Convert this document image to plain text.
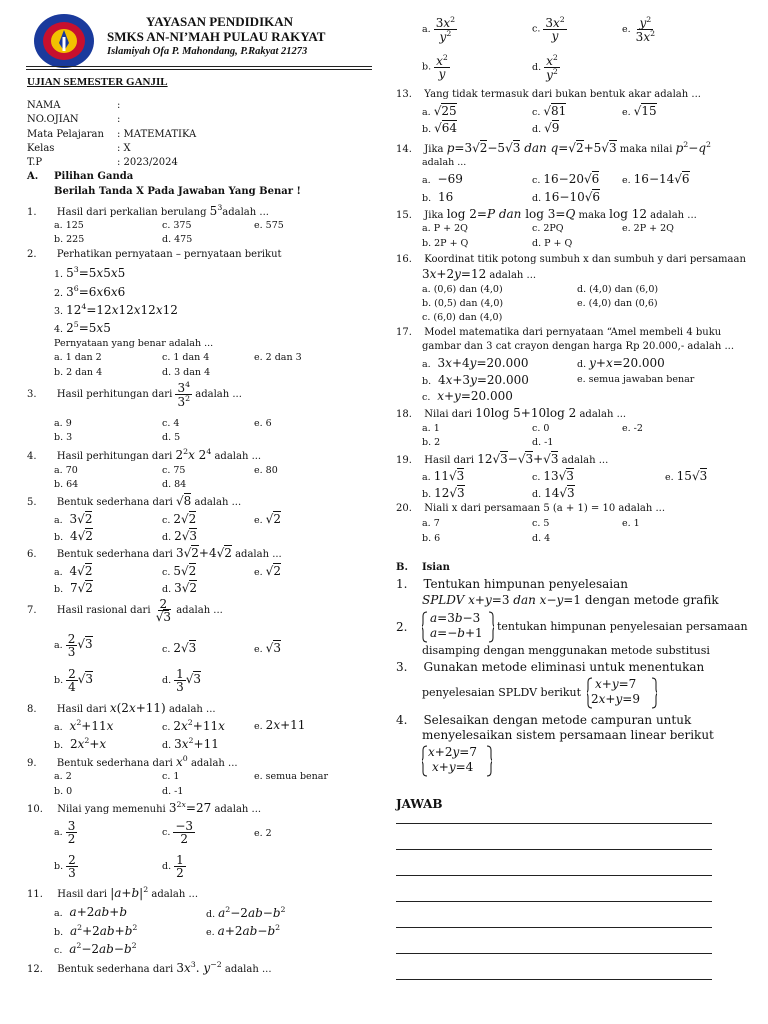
YAYASAN PENDIDIKAN
SMKS AN-NI’MAH PULAU RAKYAT
Islamiyah Ofa P. Mahondang, P.Rakyat 21273
UJIAN SEMESTER GANJIL
NAMA	:
NO.OJIAN	:
Mata Pelajaran : MATEMATIKA
Kelas	: X
T.P	: 2023/2024
A. Pilihan Ganda
Berilah Tanda X Pada Jawaban Yang Benar !
1. Hasil dari perkalian berulang $5^3adalah$ ...
a. 125
b. 225
c. 375
d. 475
e. 575
2. Perhatikan pernyataan – pernyataan berikut
1. $5^3=5x5x5$
2. $3^6=6x6x6$
3. $12^4=12x12x12x12$
4. $2^5=5x5$
Pernyataan yang benar adalah ...
a. 1 dan 2
b. 2 dan 4
c. 1 dan 4
d. 3 dan 4
e. 2 dan 3
3. Hasil perhitungan dari $\frac{3^4}{3^2}$ adalah ...
a. 9
b. 3
c. 4
d. 5
e. 6
4. Hasil perhitungan dari $2^2x$ $2^4$ adalah ...
a. 70
b. 64
c. 75
d. 84
e. 80
5. Bentuk sederhana dari √8 adalah ...
a.  3√2
b.  4√2
c. 2√2
d. 2√3
e. √2
6. Bentuk sederhana dari 3√2+4√2 adalah ...
a.  4√2
b.  7√2
c. 5√2
d. 3√2
e. √2
7. Hasil rasional dari $\frac{2}{√3}$ adalah ...
a. $\frac{2}{3} √3$
b. $\frac{2}{4} √3$
c. 2√3
d. $\frac{1}{3} √3$
e. √3
8. Hasil dari x(2x+11) adalah ...
a.  $x^2+11x$
b.  $2x^2+x$
c. $2x^2+11x$
d. $3x^2+11$
e. 2x+11
9. Bentuk sederhana dari $x^0$ adalah ...
a. 2
b. 0
c. 1
d. -1
e. semua benar
10. Nilai yang memenuhi $3^{2x}=27$ adalah ...
a. $\frac{3}{2}$
b. $\frac{2}{3}$
c. $\frac{-3}{2}$
d. $\frac{1}{2}$
e. 2
11. Hasil dari $|a+b|^2$ adalah ...
a.  a+2ab+b
b.  $a^2+2ab+b^2$
c.  $a^2-2ab-b^2$
d. $a^2-2ab-b^2$
e. $a+2ab-b^2$
12. Bentuk sederhana dari $3x^3$. $y^{-2}$ adalah ...
a. $\frac{3x^2}{y^2}$
b. $\frac{x^2}{y}$
c. $\frac{3x^2}{y}$
d. $\frac{x^2}{y^2}$
e. $\frac{y^2}{3x^2}$
13. Yang tidak termasuk dari bukan bentuk akar adalah ...
a. √25
b. √64
c. √81
d. √9
e. √15
14. Jika p=3√2−5√3 dan q=√2+5√3 maka nilai $p^2-q^2$
adalah ...
a.  −69
b.  16
c. 16−20√6
d. 16−10√6
e. 16−14√6
15. Jika log 2=P dan log 3=Q maka log 12 adalah ...
a. P + 2Q
b. 2P + Q
c. 2PQ
d. P + Q
e. 2P + 2Q
16. Koordinat titik potong sumbuh x dan sumbuh y dari persamaan
3x+2y=12 adalah ...
a. (0,6) dan (4,0)
b. (0,5) dan (4,0)
c. (6,0) dan (4,0)
d. (4,0) dan (6,0)
e. (4,0) dan (0,6)
17. Model matematika dari pernyataan “Amel membeli 4 buku
gambar dan 3 cat crayon dengan harga Rp 20.000,- adalah ...
a.  3x+4y=20.000
b.  4x+3y=20.000
c.  x+y=20.000
d. y+x=20.000
e. semua jawaban benar
18. Nilai dari 10log 5+10log 2 adalah ...
a. 1
b. 2
c. 0
d. -1
e. -2
19. Hasil dari 12√3−√3+√3 adalah ...
a. 11√3
b. 12√3
c. 13√3
d. 14√3
e. 15√3
20. Niali x dari persamaan 5 (a + 1) = 10 adalah ...
a. 7
b. 6
c. 5
d. 4
e. 1
B. Isian
1. Tentukan himpunan penyelesaian
SPLDV x+y=3 dan x−y=1 dengan metode grafik
2.
a=3b−3
a=−b+1 tentukan himpunan penyelesaian persamaan
disamping dengan menggunakan metode substitusi
3. Gunakan metode eliminasi untuk menentukan
penyelesaian SPLDV berikut
x+y=7
2x+y=9
4. Selesaikan dengan metode campuran untuk
menyelesaikan sistem persamaan linear berikut
x+2y=7
x+y=4
JAWAB
